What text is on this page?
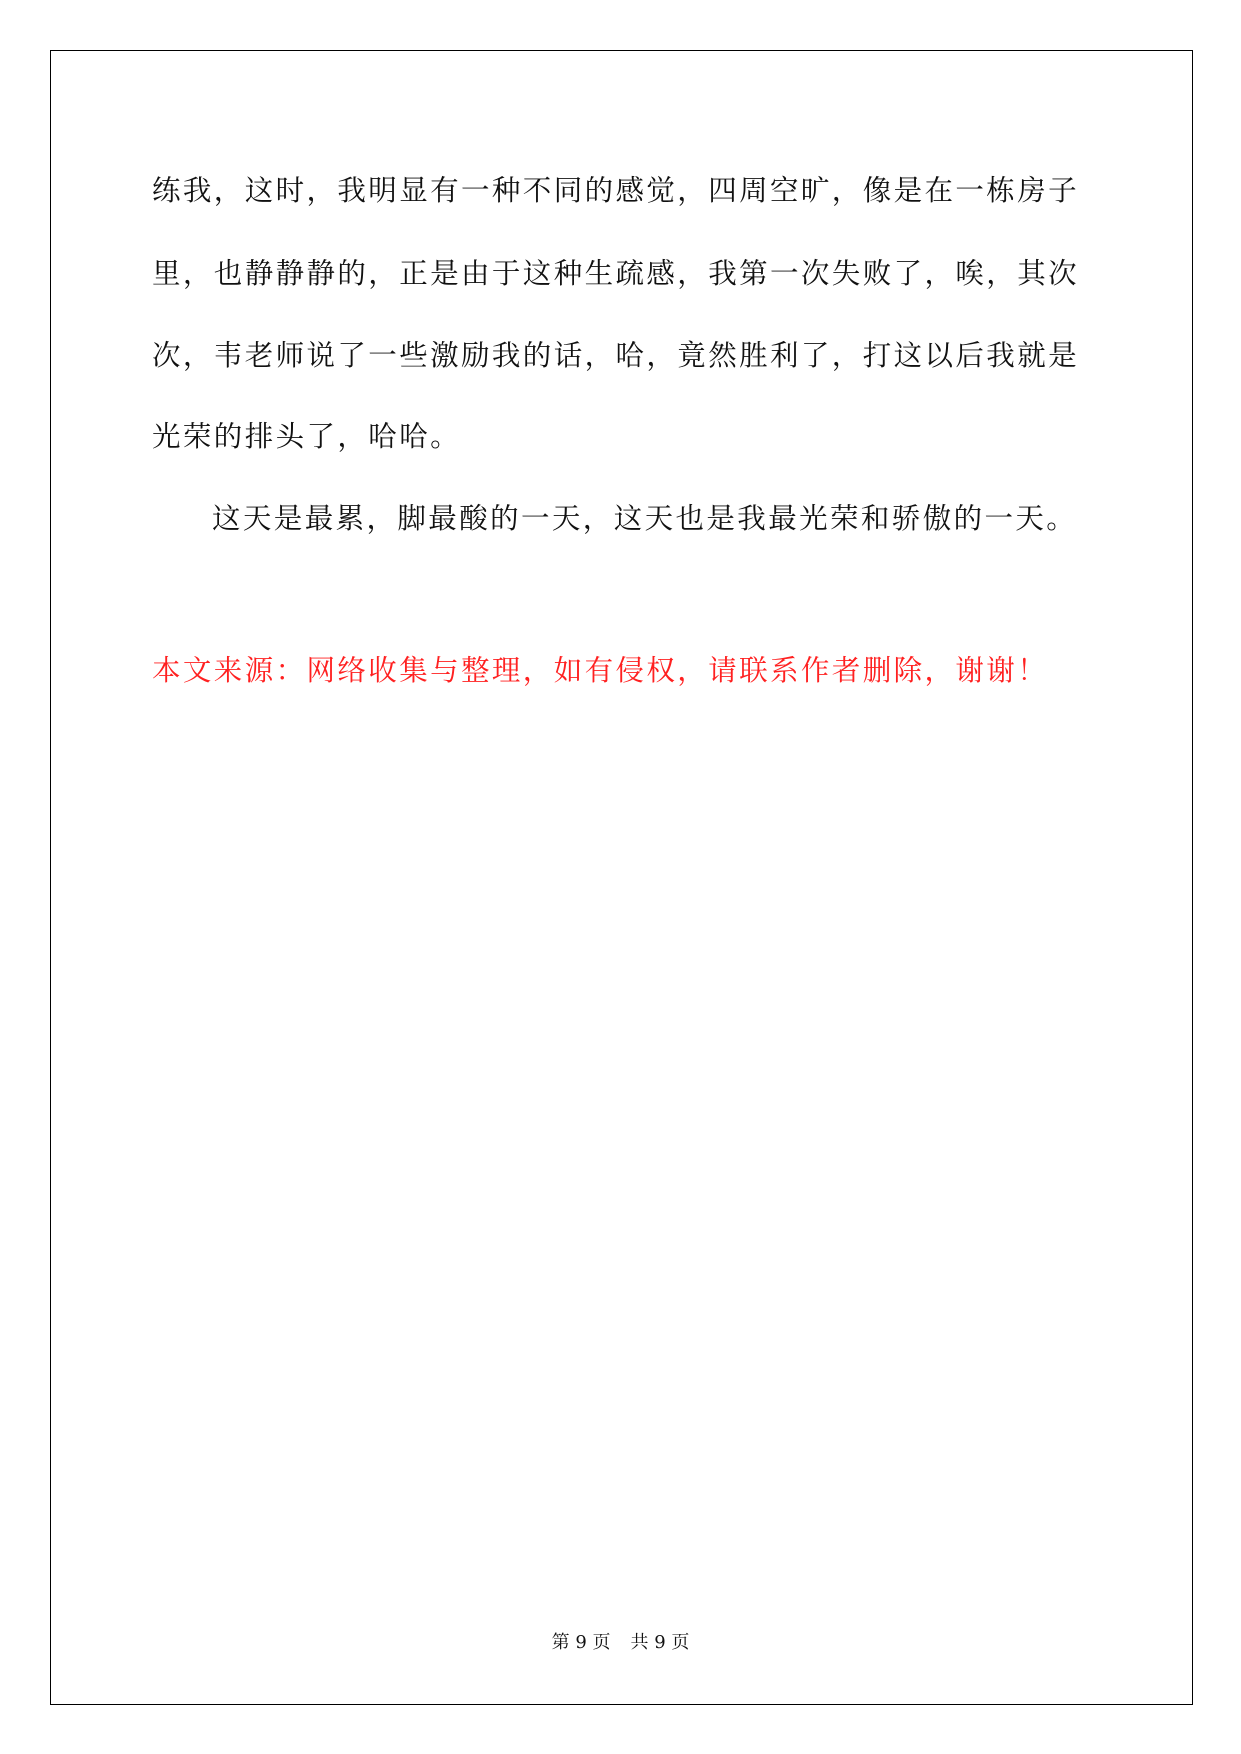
练我，这时，我明显有一种不同的感觉，四周空旷，像是在一栋房子
里，也静静静的，正是由于这种生疏感，我第一次失败了，唉，其次
次，韦老师说了一些激励我的话，哈，竟然胜利了，打这以后我就是
光荣的排头了，哈哈。
这天是最累，脚最酸的一天，这天也是我最光荣和骄傲的一天。
本文来源：网络收集与整理，如有侵权，请联系作者删除，谢谢！
第 9 页 共 9 页
